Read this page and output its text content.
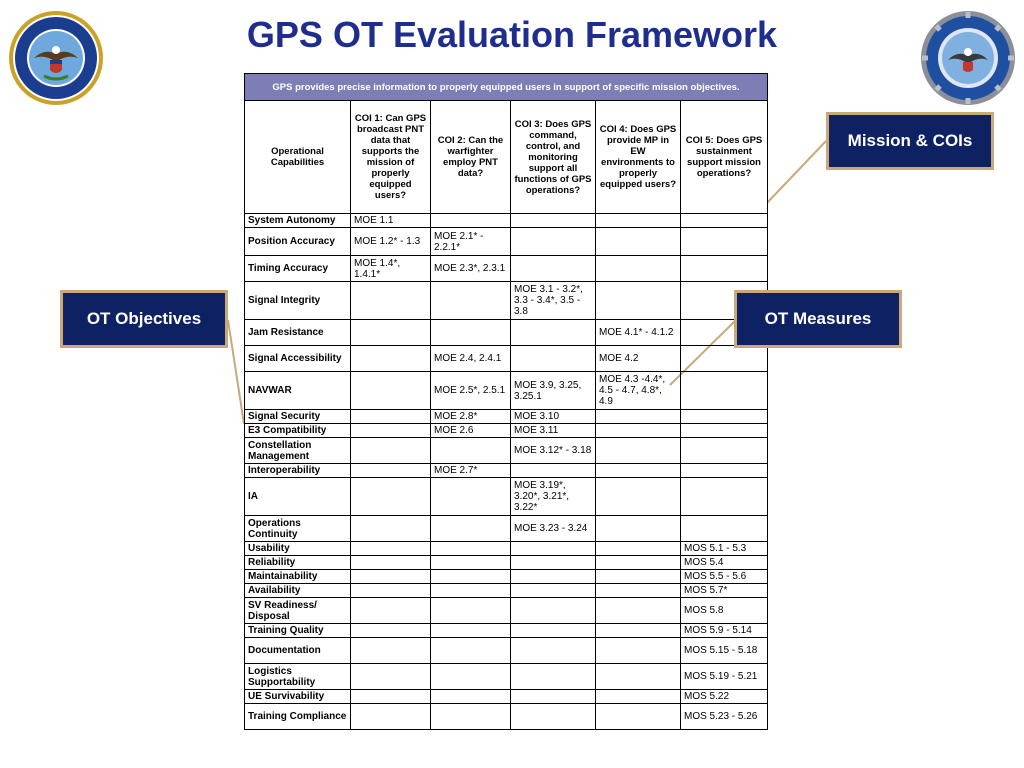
GPS OT Evaluation Framework
GPS provides precise information to properly equipped users in support of specific mission objectives.					
Operational Capabilities	COI 1: Can GPS broadcast PNT data that supports the mission of properly equipped users?	COI 2: Can the warfighter employ PNT data?	COI 3: Does GPS command, control, and monitoring support all functions of GPS operations?	COI 4: Does GPS provide MP in EW environments to properly equipped users?	COI 5: Does GPS sustainment support mission operations?
System Autonomy	MOE 1.1				
Position Accuracy	MOE 1.2* - 1.3	MOE 2.1* - 2.2.1*			
Timing Accuracy	MOE 1.4*, 1.4.1*	MOE 2.3*, 2.3.1			
Signal Integrity			MOE 3.1 - 3.2*, 3.3 - 3.4*, 3.5 - 3.8		
Jam Resistance				MOE 4.1* - 4.1.2	
Signal Accessibility		MOE 2.4, 2.4.1		MOE 4.2	
NAVWAR		MOE 2.5*, 2.5.1	MOE 3.9, 3.25, 3.25.1	MOE 4.3 -4.4*, 4.5 - 4.7, 4.8*, 4.9	
Signal Security		MOE 2.8*	MOE 3.10		
E3 Compatibility		MOE 2.6	MOE 3.11		
Constellation Management			MOE 3.12* - 3.18		
Interoperability		MOE 2.7*			
IA			MOE 3.19*, 3.20*, 3.21*, 3.22*		
Operations Continuity			MOE 3.23 - 3.24		
Usability					MOS 5.1 - 5.3
Reliability					MOS 5.4
Maintainability					MOS 5.5 - 5.6
Availability					MOS 5.7*
SV Readiness/ Disposal					MOS 5.8
Training Quality					MOS 5.9 - 5.14
Documentation					MOS 5.15 - 5.18
Logistics Supportability					MOS 5.19 - 5.21
UE Survivability					MOS 5.22
Training Compliance					MOS 5.23 - 5.26
Mission & COIs
OT Objectives	OT Measures
